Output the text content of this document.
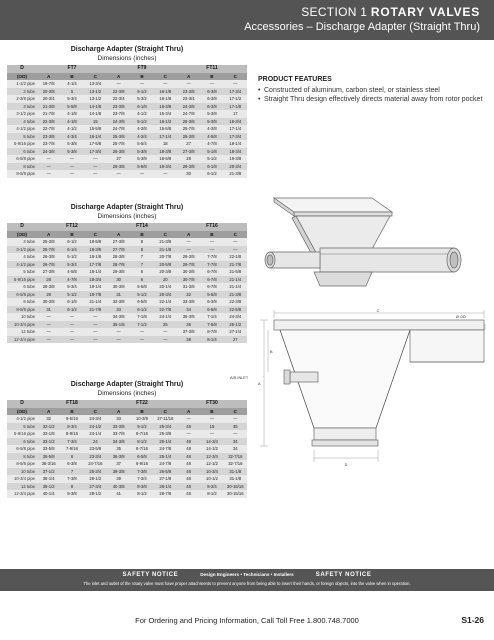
SECTION 1 ROTARY VALVES
Accessories – Discharge Adapter (Straight Thru)
Discharge Adapter (Straight Thru)
Dimensions (inches)
D	FT7			FT9			FT11		
(OD)	A	B	C	A	B	C	A	B	C
1-1/2 pipe	19-7/8	4-1/4	13-3/4	—	—	—	—	—	—
2 tube	20-3/8	5	13-1/2	22-3/8	5-1/2	16-1/8	23-3/8	6-3/8	17-3/4
2-3/8 pipe	20-3/4	5-3/4	13-1/2	22-3/4	5-3/2	16-1/8	23-3/4	6-3/8	17-1/2
3 tube	21-3/8	5-5/8	14-1/8	23-3/8	6-1/8	16-3/8	24-3/8	6-3/8	17-1/8
3-1/2 pipe	21-7/8	4-1/8	14-1/8	23-7/8	4-1/2	15-3/4	24-7/8	5-3/8	17
4 tube	22-3/8	4-1/8	15	24-3/8	5-1/2	16-1/2	25-3/8	5-3/8	16-3/4
4-1/2 pipe	22-7/8	4-1/2	15-5/8	24-7/8	4-3/8	15-5/8	25-7/8	4-3/8	17-1/4
5 tube	23-3/8	4-3/4	16-1/4	25-3/8	4-3/4	17-1/4	26-3/8	4-5/8	17-3/4
5-9/16 pipe	23-7/8	5-3/8	17-5/8	25-7/8	5-5/4	18	27	4-7/8	18-1/4
6 tube	24-3/8	5-3/8	17-3/4	26-3/8	5-3/8	18-3/8	27-3/8	5-1/8	18-3/4
6-5/8 pipe	—	—	—	27	5-3/8	18-5/8	28	5-1/2	19-3/8
8 tube	—	—	—	29-3/8	5-5/8	19-3/4	29-3/8	6-1/8	20-3/4
8-5/8 pipe	—	—	—	—	—	—	30	6-1/2	21-3/8
Discharge Adapter (Straight Thru)
Dimensions (inches)
D	FT12			FT14			FT16		
(OD)	A	B	C	A	B	C	A	B	C
3 tube	25-3/8	6-1/2	18-5/8	27-3/8	8	21-3/8	—	—	—
3-1/2 pipe	25-7/8	6-1/4	18-3/8	27-7/8	8	21-1/8	—	—	—
4 tube	26-3/8	5-1/2	18-1/8	28-3/8	7	20-7/8	29-3/8	7-7/8	22-1/8
4-1/2 pipe	26-7/8	5-3/4	17-7/8	28-7/8	7	20-5/8	29-7/8	7-7/8	21-7/8
5 tube	27-3/8	4-5/8	18-1/4	29-3/8	6	20-3/8	30-3/8	6-7/8	21-5/8
5-9/16 pipe	28	4-7/8	18-3/4	30	6	20	30-7/8	6-7/8	21-1/4
6 tube	28-3/8	5-3/4	19-1/4	30-3/8	5-5/8	20-1/4	31-3/8	6-7/8	21-1/4
6-5/8 pipe	29	5-1/2	19-7/8	31	5-1/2	20-3/4	32	5-5/8	21-3/8
8 tube	30-3/8	6-1/8	21-1/4	32-3/8	6-5/8	22-1/4	33-3/8	6-3/8	22-3/8
8-5/8 pipe	31	6-1/2	21-7/8	33	6-1/2	22-7/8	34	6-5/8	22-5/8
10 tube	—	—	—	34-3/8	7-1/8	24-1/4	35-3/8	7-1/4	24-3/4
10-3/4 pipe	—	—	—	35-1/8	7-1/2	25	36	7-5/8	25-1/2
12 tube	—	—	—	—	—	—	37-3/8	8-7/8	27-1/4
12-3/4 pipe	—	—	—	—	—	—	38	8-1/4	27
Discharge Adapter (Straight Thru)
Dimensions (inches)
D	FT18			FT22			FT30		
(OD)	A	B	C	A	B	C	A	B	C
4-1/2 pipe	32	9-5/16	24-3/4	33	10-3/8	27-11/16	—	—	—
5 tube	32-1/2	8-3/4	24-1/2	33-3/8	9-1/2	25-3/4	48	15	35
5-9/16 pipe	33-1/8	8-9/16	24-1/4	33-7/8	9-7/16	25-3/8	—	—	—
6 tube	33-1/2	7-3/4	24	34-3/8	8-1/2	25-1/4	48	14-3/4	34
6-5/8 pipe	33-5/8	7-9/16	23-5/8	35	8-7/16	24-7/8	48	14-1/2	34
8 tube	35-5/8	6	23-3/4	36-3/8	6-5/8	25-1/4	48	12-3/4	32-7/16
8-5/8 pipe	36-3/16	6-3/8	24-7/16	37	6-9/16	24-7/8	48	12-1/2	32-7/16
10 tube	37-1/2	7	25-3/4	39-3/8	7-3/8	26-5/8	48	10-3/4	31-1/8
10-3/4 pipe	38-1/4	7-3/8	26-1/2	39	7-3/4	27-1/8	48	10-1/2	31-1/8
12 tube	39-1/2	8	27-3/4	40-3/8	8-3/8	28-1/4	48	8-3/4	30-15/16
12-3/4 pipe	40-1/4	8-3/8	28-1/2	41	8-1/2	28-7/8	48	8-1/2	30-15/16
PRODUCT FEATURES
• Constructed of aluminum, carbon steel, or stainless steel
• Straight Thru design effectively directs material away from rotor pocket
C
Ø OD
A
B
D
AIR INLET
SAFETY NOTICE	Design Engineers • Technicians • Installers	SAFETY NOTICE
The inlet and outlet of the rotary valve must have proper attachments to prevent anyone from being able to insert their hands, or foreign objects, into the valve when in operation.
For Ordering and Pricing Information, Call Toll Free 1.800.748.7000	S1-26
